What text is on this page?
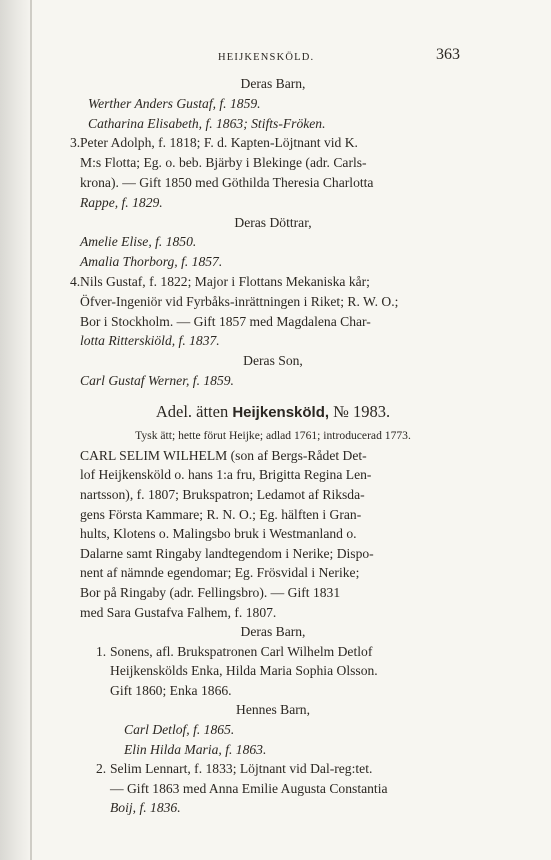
HEIJKENSKÖLD.	363
Deras Barn,
Werther Anders Gustaf, f. 1859.
Catharina Elisabeth, f. 1863; Stifts-Fröken.
3. Peter Adolph, f. 1818; F. d. Kapten-Löjtnant vid K.
M:s Flotta; Eg. o. beb. Bjärby i Blekinge (adr. Carls-
krona). — Gift 1850 med Göthilda Theresia Charlotta
Rappe, f. 1829.
Deras Döttrar,
Amelie Elise, f. 1850.
Amalia Thorborg, f. 1857.
4. Nils Gustaf, f. 1822; Major i Flottans Mekaniska kår;
Öfver-Ingeniör vid Fyrbåks-inrättningen i Riket; R. W. O.;
Bor i Stockholm. — Gift 1857 med Magdalena Char-
lotta Ritterskiöld, f. 1837.
Deras Son,
Carl Gustaf Werner, f. 1859.
Adel. ätten Heijkensköld, № 1983.
Tysk ätt; hette förut Heijke; adlad 1761; introducerad 1773.
CARL SELIM WILHELM (son af Bergs-Rådet Det-
lof Heijkensköld o. hans 1:a fru, Brigitta Regina Len-
nartsson), f. 1807; Brukspatron; Ledamot af Riksda-
gens Första Kammare; R. N. O.; Eg. hälften i Gran-
hults, Klotens o. Malingsbo bruk i Westmanland o.
Dalarne samt Ringaby landtegendom i Nerike; Dispo-
nent af nämnde egendomar; Eg. Frösvidal i Nerike;
Bor på Ringaby (adr. Fellingsbro). — Gift 1831
med Sara Gustafva Falhem, f. 1807.
Deras Barn,
1. Sonens, afl. Brukspatronen Carl Wilhelm Detlof
Heijkenskölds Enka, Hilda Maria Sophia Olsson.
Gift 1860; Enka 1866.
Hennes Barn,
Carl Detlof, f. 1865.
Elin Hilda Maria, f. 1863.
2. Selim Lennart, f. 1833; Löjtnant vid Dal-reg:tet.
— Gift 1863 med Anna Emilie Augusta Constantia
Boij, f. 1836.
